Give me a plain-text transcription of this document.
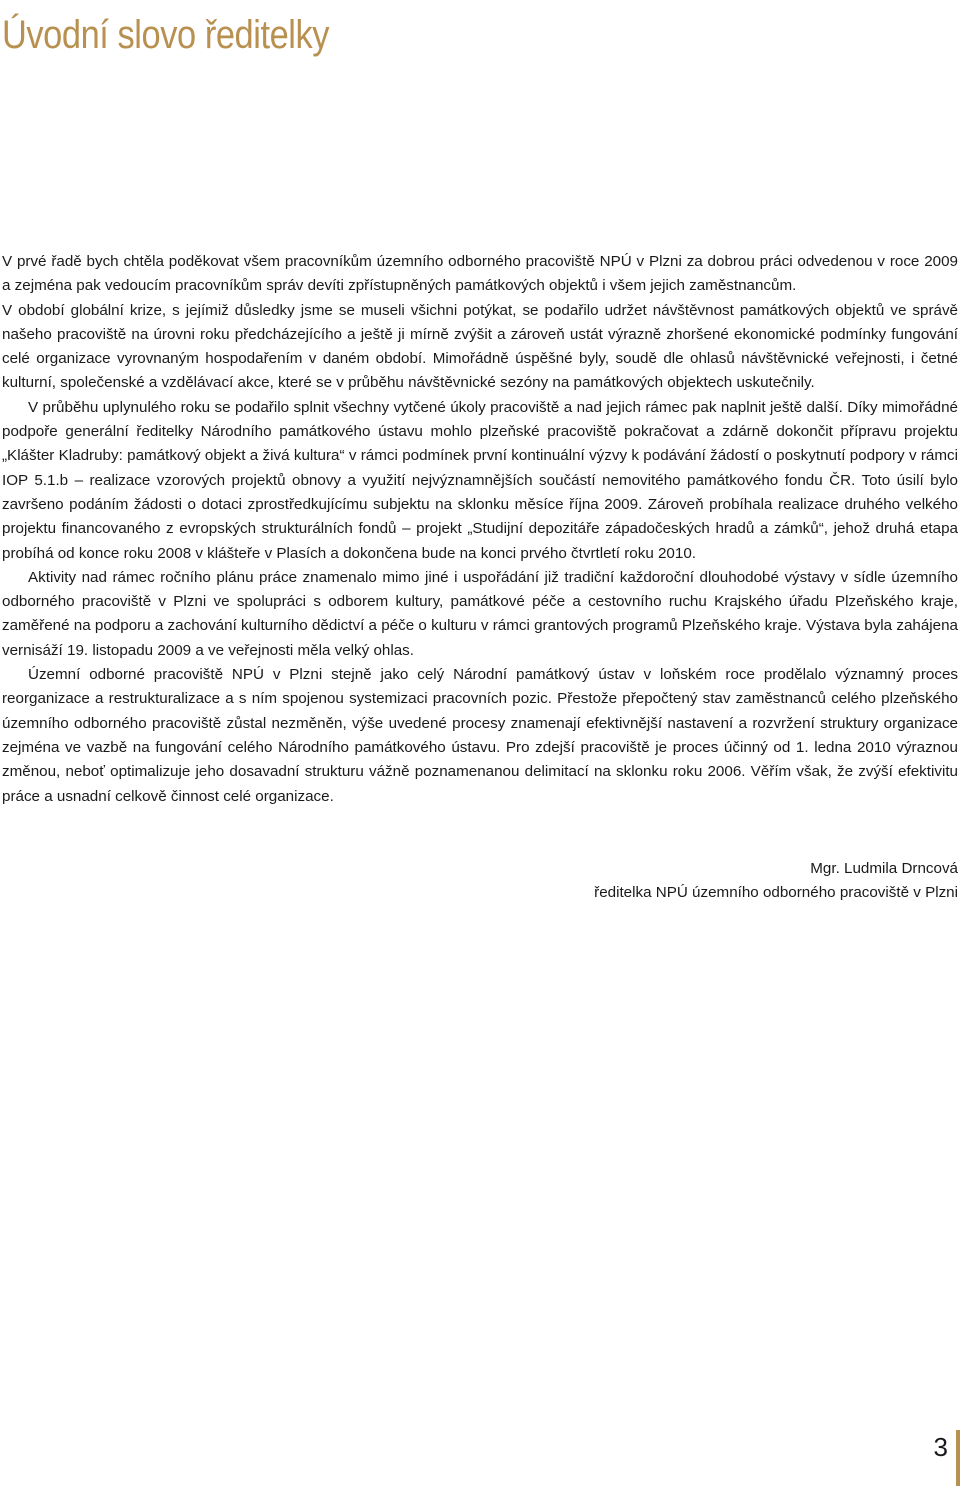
Úvodní slovo ředitelky

V prvé řadě bych chtěla poděkovat všem pracovníkům územního odborného pracoviště NPÚ v Plzni za dobrou práci odvedenou v roce 2009 a zejména pak vedoucím pracovníkům správ devíti zpřístupněných památkových objektů i všem jejich zaměstnancům.

V období globální krize, s jejímiž důsledky jsme se museli všichni potýkat, se podařilo udržet návštěvnost památkových objektů ve správě našeho pracoviště na úrovni roku předcházejícího a ještě ji mírně zvýšit a zároveň ustát výrazně zhoršené ekonomické podmínky fungování celé organizace vyrovnaným hospodařením v daném období. Mimořádně úspěšné byly, soudě dle ohlasů návštěvnické veřejnosti, i četné kulturní, společenské a vzdělávací akce, které se v průběhu návštěvnické sezóny na památkových objektech uskutečnily.

V průběhu uplynulého roku se podařilo splnit všechny vytčené úkoly pracoviště a nad jejich rámec pak naplnit ještě další. Díky mimořádné podpoře generální ředitelky Národního památkového ústavu mohlo plzeňské pracoviště pokračovat a zdárně dokončit přípravu projektu „Klášter Kladruby: památkový objekt a živá kultura“ v rámci podmínek první kontinuální výzvy k podávání žádostí o poskytnutí podpory v rámci IOP 5.1.b – realizace vzorových projektů obnovy a využití nejvýznamnějších součástí nemovitého památkového fondu ČR. Toto úsilí bylo završeno podáním žádosti o dotaci zprostředkujícímu subjektu na sklonku měsíce října 2009. Zároveň probíhala realizace druhého velkého projektu financovaného z evropských strukturálních fondů – projekt „Studijní depozitáře západočeských hradů a zámků“, jehož druhá etapa probíhá od konce roku 2008 v klášteře v Plasích a dokončena bude na konci prvého čtvrtletí roku 2010.

Aktivity nad rámec ročního plánu práce znamenalo mimo jiné i uspořádání již tradiční každoroční dlouhodobé výstavy v sídle územního odborného pracoviště v Plzni ve spolupráci s odborem kultury, památkové péče a cestovního ruchu Krajského úřadu Plzeňského kraje, zaměřené na podporu a zachování kulturního dědictví a péče o kulturu v rámci grantových programů Plzeňského kraje. Výstava byla zahájena vernisáží 19. listopadu 2009 a ve veřejnosti měla velký ohlas.

Územní odborné pracoviště NPÚ v Plzni stejně jako celý Národní památkový ústav v loňském roce prodělalo významný proces reorganizace a restrukturalizace a s ním spojenou systemizaci pracovních pozic. Přestože přepočtený stav zaměstnanců celého plzeňského územního odborného pracoviště zůstal nezměněn, výše uvedené procesy znamenají efektivnější nastavení a rozvržení struktury organizace zejména ve vazbě na fungování celého Národního památkového ústavu. Pro zdejší pracoviště je proces účinný od 1. ledna 2010 výraznou změnou, neboť optimalizuje jeho dosavadní strukturu vážně poznamenanou delimitací na sklonku roku 2006. Věřím však, že zvýší efektivitu práce a usnadní celkově činnost celé organizace.

Mgr. Ludmila Drncová
ředitelka NPÚ územního odborného pracoviště v Plzni
3
